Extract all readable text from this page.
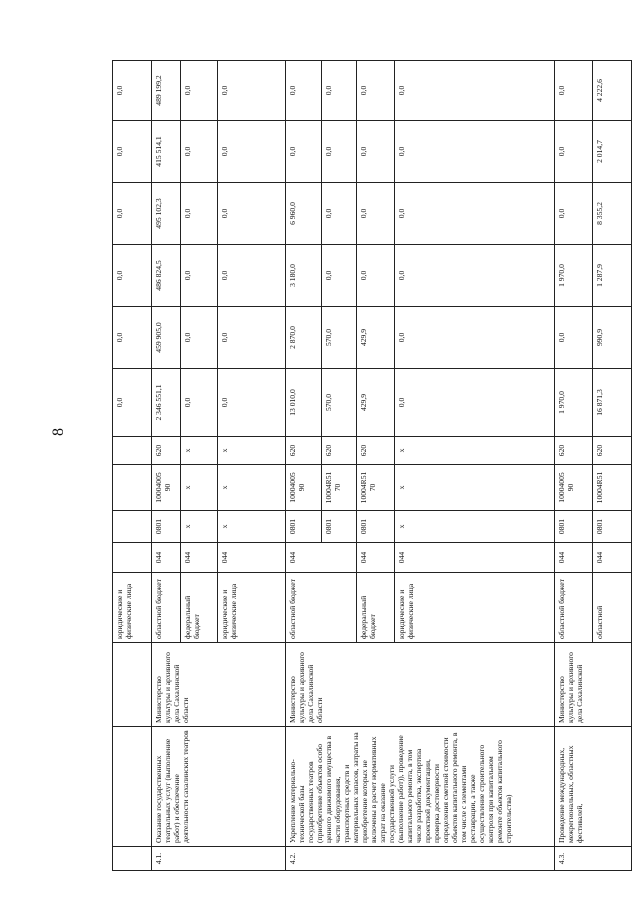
8
			юридические и физические лица					0,0	0,0	0,0	0,0	0,0	0,0
4.1.	Оказание государственных театральных услуг (выполнение работ) и обеспечение деятельности сахалинских театров	Министерство культуры и архивного дела Сахалинской области	областной бюджет	044	0801	10004005 90	620	2 346 551,1	459 905,0	486 824,5	495 102,3	415 514,1	489 199,2
			федеральный бюджет	044	x	x	x	0,0	0,0	0,0	0,0	0,0	0,0
			юридические и физические лица	044	x	x	x	0,0	0,0	0,0	0,0	0,0	0,0
4.2.	Укрепление материально-технической базы государственных театров (приобретение объектов особо ценного движимого имущества в части оборудования, транспортных средств и материальных запасов, затраты на приобретение которых не включены в расчет нормативных затрат на оказание государственной услуги (выполнение работ)), проведение капитального ремонта, в том числе разработка, экспертиза проектной документации, проверка достоверности определения сметной стоимости объектов капитального ремонта, в том числе с элементами реставрации, а также осуществление строительного контроля при капитальном ремонте объектов капитального строительства)	Министерство культуры и архивного дела Сахалинской области	областной бюджет	044	0801	10004005 90	620	13 010,0	2 870,0	3 180,0	6 960,0	0,0	0,0
					0801	10004R51 70	620	570,0	570,0	0,0	0,0	0,0	0,0
			федеральный бюджет	044	0801	10004R51 70	620	429,9	429,9	0,0	0,0	0,0	0,0
			юридические и физические лица	044	x	x	x	0,0	0,0	0,0	0,0	0,0	0,0
4.3.	Проведение международных, межрегиональных, областных фестивалей,	Министерство культуры и архивного дела Сахалинской	областной бюджет	044	0801	10004005 90	620	1 970,0	0,0	1 970,0	0,0	0,0	0,0
			областной	044	0801	10004R51	620	16 871,3	990,9	1 287,9	8 355,2	2 014,7	4 222,6
